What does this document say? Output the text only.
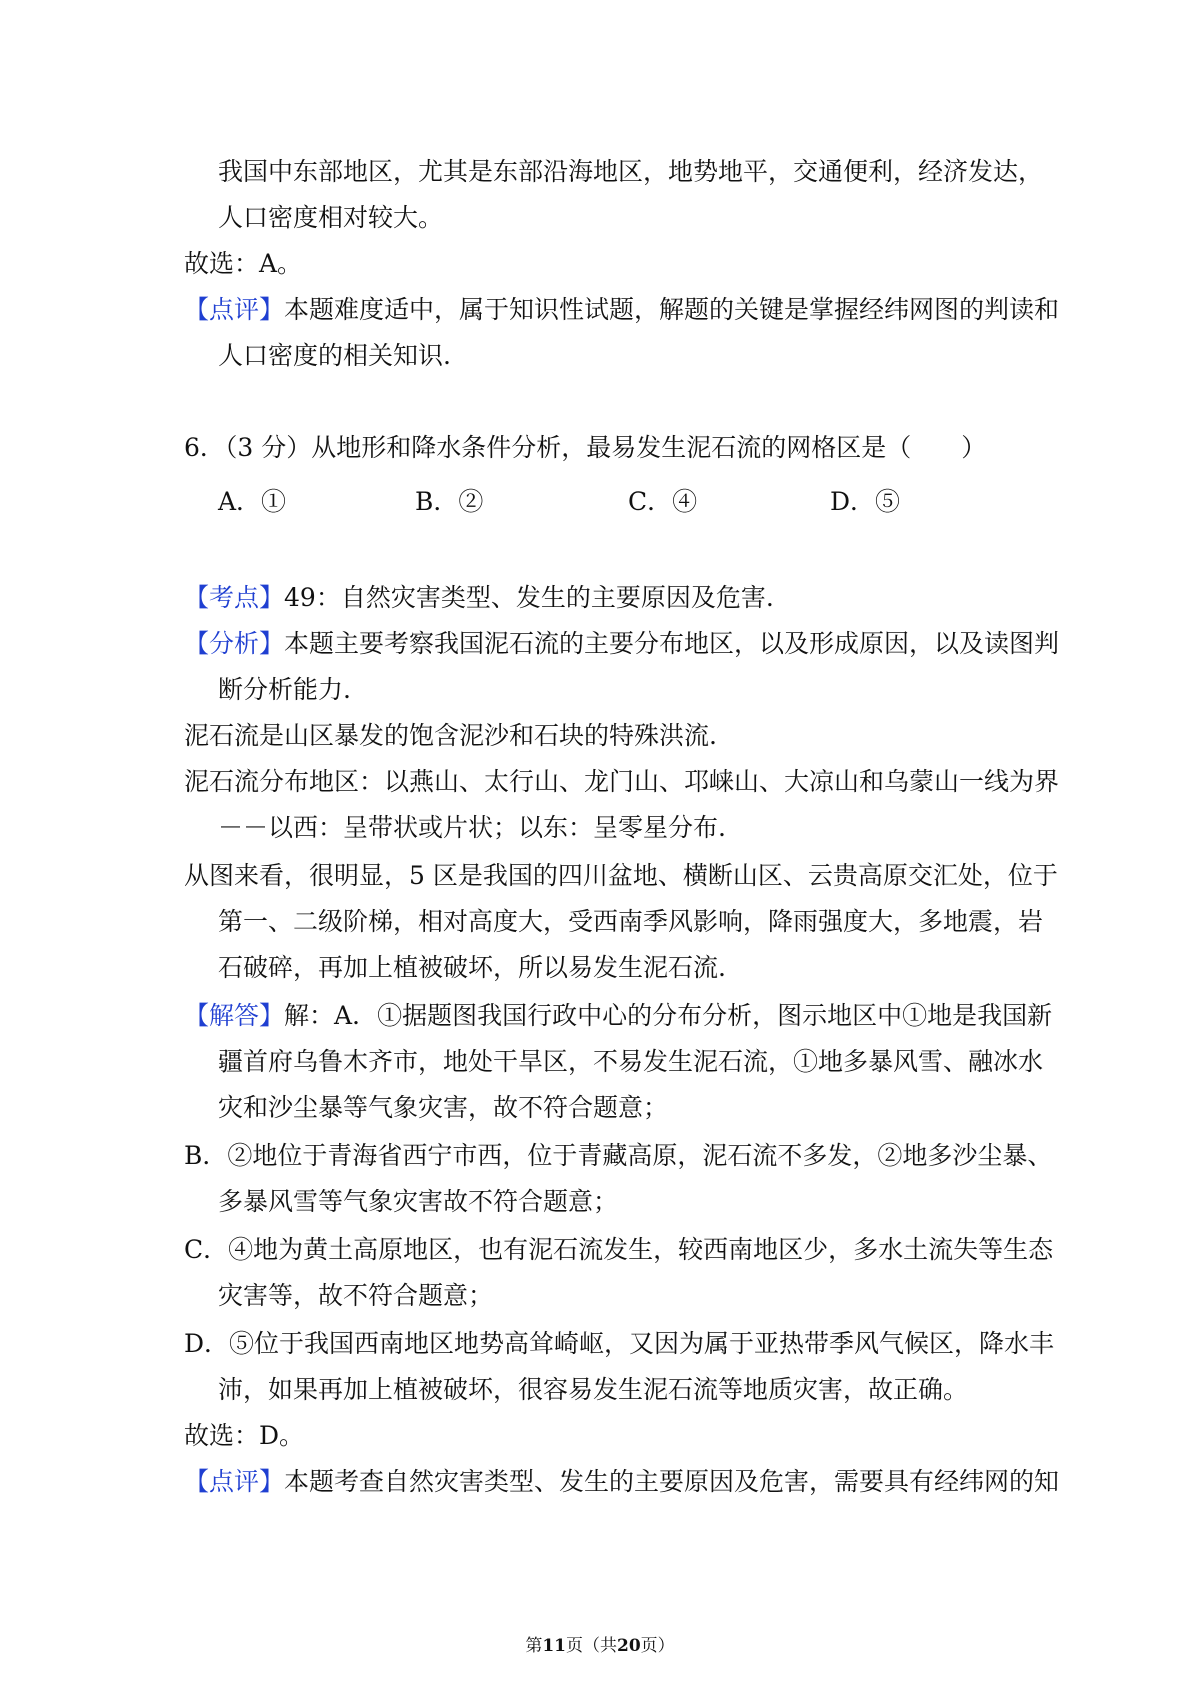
我国中东部地区，尤其是东部沿海地区，地势地平，交通便利，经济发达，
人口密度相对较大。
故选：A。
【点评】本题难度适中，属于知识性试题，解题的关键是掌握经纬网图的判读和
人口密度的相关知识.
6．（3 分）从地形和降水条件分析，最易发生泥石流的网格区是（　　）
A．①	B．②	C．④	D．⑤
【考点】49：自然灾害类型、发生的主要原因及危害.
【分析】本题主要考察我国泥石流的主要分布地区，以及形成原因，以及读图判
断分析能力.
泥石流是山区暴发的饱含泥沙和石块的特殊洪流.
泥石流分布地区：以燕山、太行山、龙门山、邛崃山、大凉山和乌蒙山一线为界
－－以西：呈带状或片状；以东：呈零星分布.
从图来看，很明显，5 区是我国的四川盆地、横断山区、云贵高原交汇处，位于
第一、二级阶梯，相对高度大，受西南季风影响，降雨强度大，多地震，岩
石破碎，再加上植被破坏，所以易发生泥石流.
【解答】解：A．①据题图我国行政中心的分布分析，图示地区中①地是我国新
疆首府乌鲁木齐市，地处干旱区，不易发生泥石流，①地多暴风雪、融冰水
灾和沙尘暴等气象灾害，故不符合题意；
B．②地位于青海省西宁市西，位于青藏高原，泥石流不多发，②地多沙尘暴、
多暴风雪等气象灾害故不符合题意；
C．④地为黄土高原地区，也有泥石流发生，较西南地区少，多水土流失等生态
灾害等，故不符合题意；
D．⑤位于我国西南地区地势高耸崎岖，又因为属于亚热带季风气候区，降水丰
沛，如果再加上植被破坏，很容易发生泥石流等地质灾害，故正确。
故选：D。
【点评】本题考查自然灾害类型、发生的主要原因及危害，需要具有经纬网的知
第11页（共20页）
